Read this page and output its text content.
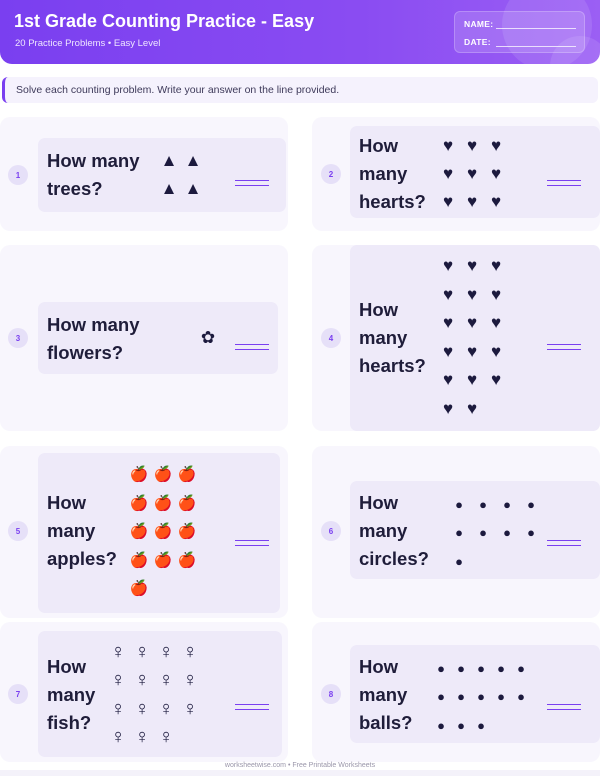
1st Grade Counting Practice - Easy
20 Practice Problems • Easy Level
NAME:
DATE:
Solve each counting problem. Write your answer on the line provided.
1
How many
trees?
▲ ▲
▲ ▲
2
How
many
hearts?
♥ ♥ ♥
♥ ♥ ♥
♥ ♥ ♥
3
How many
flowers?
✿	4
How
many
hearts?
♥ ♥ ♥
♥ ♥ ♥
♥ ♥ ♥
♥ ♥ ♥
♥ ♥ ♥
♥ ♥
5
How
many
apples?
🍎 🍎 🍎
🍎 🍎 🍎
🍎 🍎 🍎
🍎 🍎 🍎
🍎
6
How
many
circles?
●	●	●	●
●	●	●	●
●
7
How
many
fish?
♀ ♀ ♀ ♀
♀ ♀ ♀ ♀
♀ ♀ ♀ ♀
♀ ♀ ♀
8
How
many
balls?
● ● ● ● ●
● ● ● ● ●
● ● ●
worksheetwise.com • Free Printable Worksheets
